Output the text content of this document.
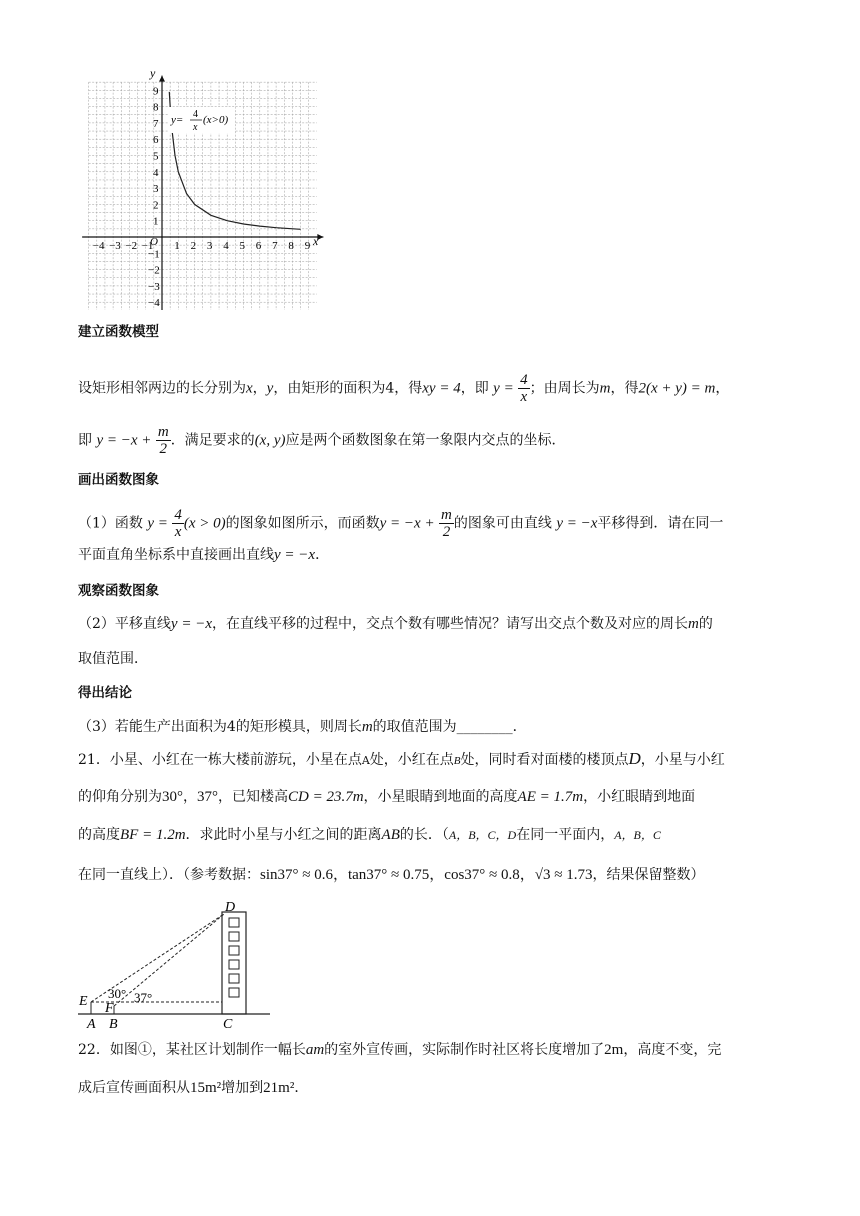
−4 −3 −2 −1 1 2 3 4 5 6 7 8 9
9
8
7
6
5
4
3
2
1
−1
−2
−3
−4
y
x
O
y= 4
x
(x>0)
建立函数模型
设矩形相邻两边的长分别为x，y，由矩形的面积为4，得xy = 4，即 $y = \frac{4}{x}$ ；由周长为m，得2(x + y) = m，
即 $y = -x + \frac{m}{2}$ ．满足要求的(x, y)应是两个函数图象在第一象限内交点的坐标．
画出函数图象
（1）函数 $y = \frac{4}{x} (x > 0)$的图象如图所示，而函数$y = -x + \frac{m}{2}$ 的图象可由直线 y = −x平移得到．请在同一
平面直角坐标系中直接画出直线y = −x．
观察函数图象
（2）平移直线y = −x，在直线平移的过程中，交点个数有哪些情况？请写出交点个数及对应的周长m的
取值范围．
得出结论
（3）若能生产出面积为4的矩形模具，则周长m的取值范围为________．
21．小星、小红在一栋大楼前游玩，小星在点A处，小红在点B处，同时看对面楼的楼顶点D，小星与小红
的仰角分别为30°，37°，已知楼高CD = 23.7m，小星眼睛到地面的高度AE = 1.7m，小红眼睛到地面
的高度BF = 1.2m．求此时小星与小红之间的距离AB的长．（A，B，C，D在同一平面内，A，B，C
在同一直线上）．（参考数据：sin37° ≈ 0.6，tan37° ≈ 0.75，cos37° ≈ 0.8，√3 ≈ 1.73，结果保留整数）
D
E F
A B	C
30° 37°
22．如图①，某社区计划制作一幅长am的室外宣传画，实际制作时社区将长度增加了2m，高度不变，完
成后宣传画面积从15m²增加到21m²．
